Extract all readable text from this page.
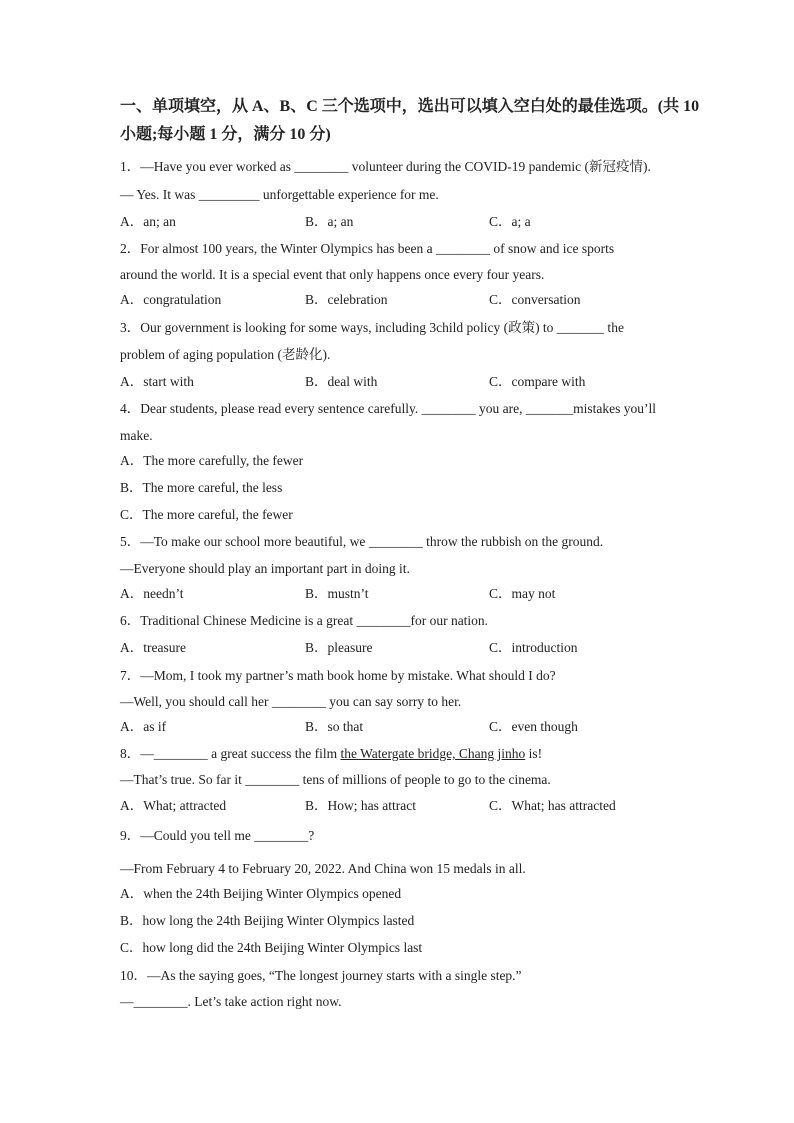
一、单项填空，从 A、B、C 三个选项中，选出可以填入空白处的最佳选项。(共 10
小题;每小题 1 分，满分 10 分)
1．—Have you ever worked as ________ volunteer during the COVID-19 pandemic (新冠疫情).
— Yes. It was _________ unforgettable experience for me.
A．an; an	B．a; an	C．a; a
2．For almost 100 years, the Winter Olympics has been a ________ of snow and ice sports
around the world. It is a special event that only happens once every four years.
A．congratulation	B．celebration	C．conversation
3．Our government is looking for some ways, including 3child policy (政策) to _______ the
problem of aging population (老龄化).
A．start with	B．deal with	C．compare with
4．Dear students, please read every sentence carefully. ________ you are, _______mistakes you’ll
make.
A．The more carefully, the fewer
B．The more careful, the less
C．The more careful, the fewer
5．—To make our school more beautiful, we ________ throw the rubbish on the ground.
—Everyone should play an important part in doing it.
A．needn’t	B．mustn’t	C．may not
6．Traditional Chinese Medicine is a great ________for our nation.
A．treasure	B．pleasure	C．introduction
7．—Mom, I took my partner’s math book home by mistake. What should I do?
—Well, you should call her ________ you can say sorry to her.
A．as if	B．so that	C．even though
8．—________ a great success the film the Watergate bridge, Chang jinho is!
—That’s true. So far it ________ tens of millions of people to go to the cinema.
A．What; attracted	B．How; has attract	C．What; has attracted
9．—Could you tell me ________?
—From February 4 to February 20, 2022. And China won 15 medals in all.
A．when the 24th Beijing Winter Olympics opened
B．how long the 24th Beijing Winter Olympics lasted
C．how long did the 24th Beijing Winter Olympics last
10．—As the saying goes, “The longest journey starts with a single step.”
—________. Let’s take action right now.
